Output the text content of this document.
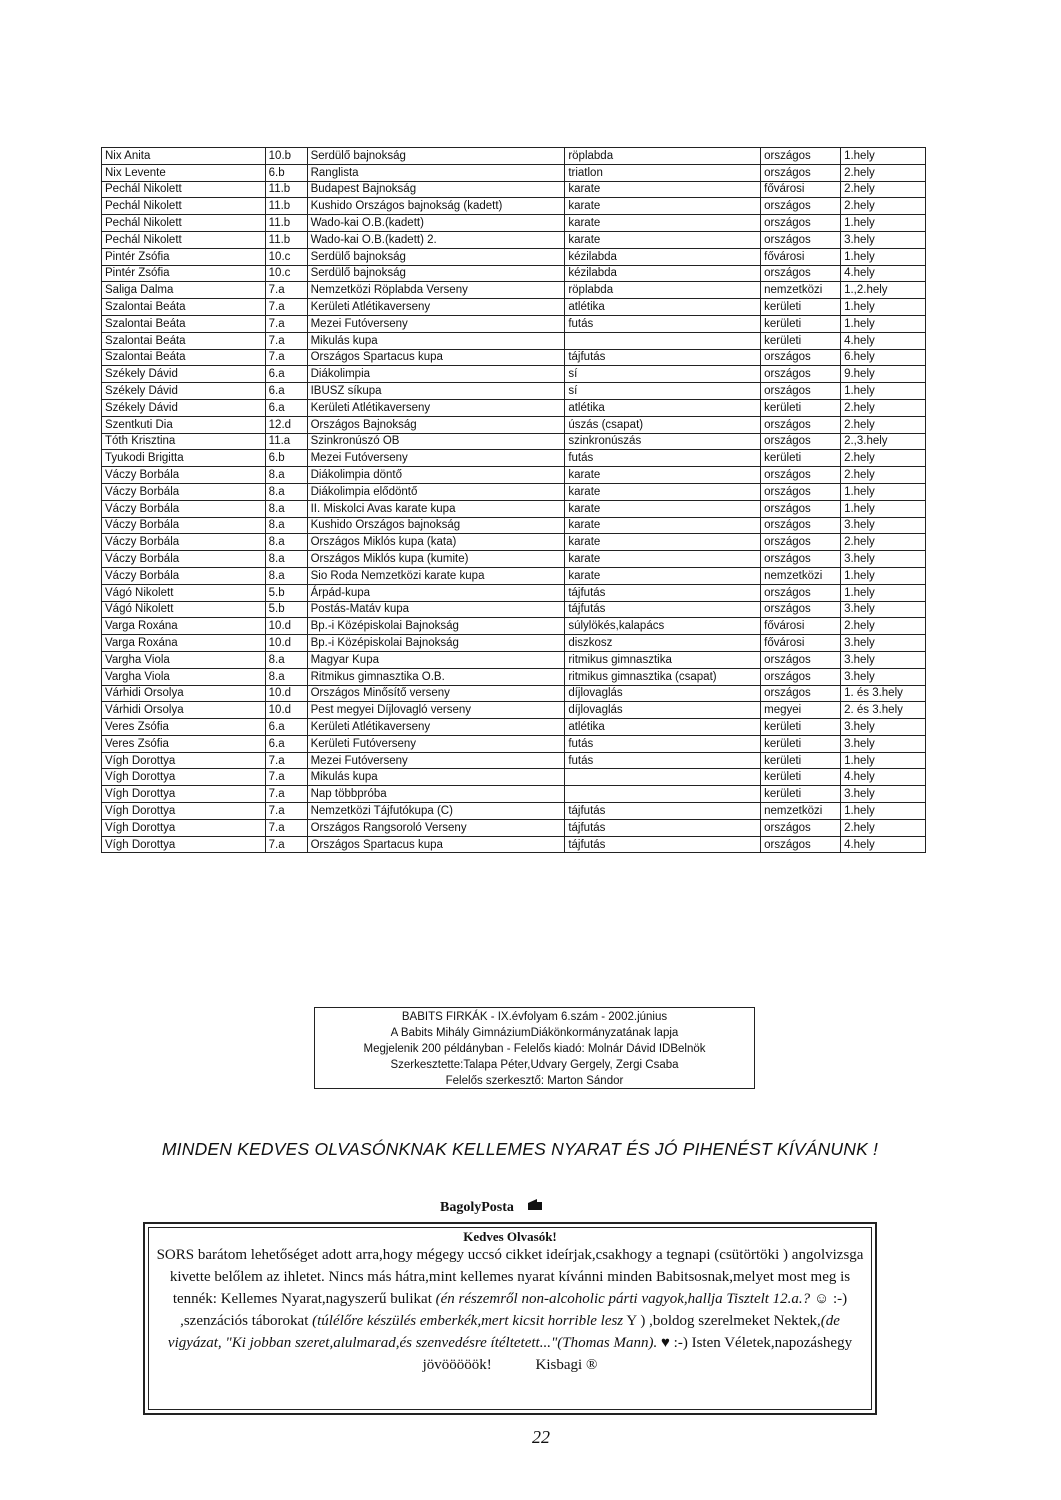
Nix Anita	10.b	Serdülő bajnokság	röplabda	országos	1.hely
Nix Levente	6.b	Ranglista	triatlon	országos	2.hely
Pechál Nikolett	11.b	Budapest Bajnokság	karate	fővárosi	2.hely
Pechál Nikolett	11.b	Kushido Országos bajnokság (kadett)	karate	országos	2.hely
Pechál Nikolett	11.b	Wado-kai O.B.(kadett)	karate	országos	1.hely
Pechál Nikolett	11.b	Wado-kai O.B.(kadett) 2.	karate	országos	3.hely
Pintér Zsófia	10.c	Serdülő bajnokság	kézilabda	fővárosi	1.hely
Pintér Zsófia	10.c	Serdülő bajnokság	kézilabda	országos	4.hely
Saliga Dalma	7.a	Nemzetközi Röplabda Verseny	röplabda	nemzetközi	1.,2.hely
Szalontai Beáta	7.a	Kerületi Atlétikaverseny	atlétika	kerületi	1.hely
Szalontai Beáta	7.a	Mezei Futóverseny	futás	kerületi	1.hely
Szalontai Beáta	7.a	Mikulás kupa		kerületi	4.hely
Szalontai Beáta	7.a	Országos Spartacus kupa	tájfutás	országos	6.hely
Székely Dávid	6.a	Diákolimpia	sí	országos	9.hely
Székely Dávid	6.a	IBUSZ síkupa	sí	országos	1.hely
Székely Dávid	6.a	Kerületi Atlétikaverseny	atlétika	kerületi	2.hely
Szentkuti Dia	12.d	Országos Bajnokság	úszás (csapat)	országos	2.hely
Tóth Krisztina	11.a	Szinkronúszó OB	szinkronúszás	országos	2.,3.hely
Tyukodi Brigitta	6.b	Mezei Futóverseny	futás	kerületi	2.hely
Váczy Borbála	8.a	Diákolimpia döntő	karate	országos	2.hely
Váczy Borbála	8.a	Diákolimpia elődöntő	karate	országos	1.hely
Váczy Borbála	8.a	II. Miskolci Avas karate kupa	karate	országos	1.hely
Váczy Borbála	8.a	Kushido Országos bajnokság	karate	országos	3.hely
Váczy Borbála	8.a	Országos Miklós kupa (kata)	karate	országos	2.hely
Váczy Borbála	8.a	Országos Miklós kupa (kumite)	karate	országos	3.hely
Váczy Borbála	8.a	Sio Roda Nemzetközi karate kupa	karate	nemzetközi	1.hely
Vágó Nikolett	5.b	Árpád-kupa	tájfutás	országos	1.hely
Vágó Nikolett	5.b	Postás-Matáv kupa	tájfutás	országos	3.hely
Varga Roxána	10.d	Bp.-i Középiskolai Bajnokság	súlylökés,kalapács	fővárosi	2.hely
Varga Roxána	10.d	Bp.-i Középiskolai Bajnokság	diszkosz	fővárosi	3.hely
Vargha Viola	8.a	Magyar Kupa	ritmikus gimnasztika	országos	3.hely
Vargha Viola	8.a	Ritmikus gimnasztika O.B.	ritmikus gimnasztika (csapat)	országos	3.hely
Várhidi Orsolya	10.d	Országos Minősítő verseny	díjlovaglás	országos	1. és 3.hely
Várhidi Orsolya	10.d	Pest megyei Díjlovagló verseny	díjlovaglás	megyei	2. és 3.hely
Veres Zsófia	6.a	Kerületi Atlétikaverseny	atlétika	kerületi	3.hely
Veres Zsófia	6.a	Kerületi Futóverseny	futás	kerületi	3.hely
Vígh Dorottya	7.a	Mezei Futóverseny	futás	kerületi	1.hely
Vígh Dorottya	7.a	Mikulás kupa		kerületi	4.hely
Vígh Dorottya	7.a	Nap többpróba		kerületi	3.hely
Vígh Dorottya	7.a	Nemzetközi Tájfutókupa (C)	tájfutás	nemzetközi	1.hely
Vígh Dorottya	7.a	Országos Rangsoroló Verseny	tájfutás	országos	2.hely
Vígh Dorottya	7.a	Országos Spartacus kupa	tájfutás	országos	4.hely
BABITS FIRKÁK - IX.évfolyam 6.szám - 2002.június
A Babits Mihály GimnáziumDiákönkormányzatának lapja
Megjelenik 200 példányban - Felelős kiadó: Molnár Dávid IDBelnök
Szerkesztette:Talapa Péter,Udvary Gergely, Zergi Csaba
Felelős szerkesztő: Marton Sándor
MINDEN KEDVES OLVASÓNKNAK KELLEMES NYARAT ÉS JÓ PIHENÉST KÍVÁNUNK !
BagolyPosta
Kedves Olvasók!
SORS barátom lehetőséget adott arra,hogy mégegy uccsó cikket ideírjak,csakhogy a tegnapi (csütörtöki ) angolvizsga kivette belőlem az ihletet. Nincs más hátra,mint kellemes nyarat kívánni minden Babitsosnak,melyet most meg is tennék: Kellemes Nyarat,nagyszerű bulikat (én részemről non-alcoholic párti vagyok,hallja Tisztelt 12.a.? ☺ :-) ,szenzációs táborokat (túlélőre készülés emberkék,mert kicsit horrible lesz Y ) ,boldog szerelmeket Nektek,(de vigyázat, "Ki jobban szeret,alulmarad,és szenvedésre ítéltetett..."(Thomas Mann). ♥ :-) Isten Véletek,napozáshegy jövööööök!	Kisbagi ®
22
